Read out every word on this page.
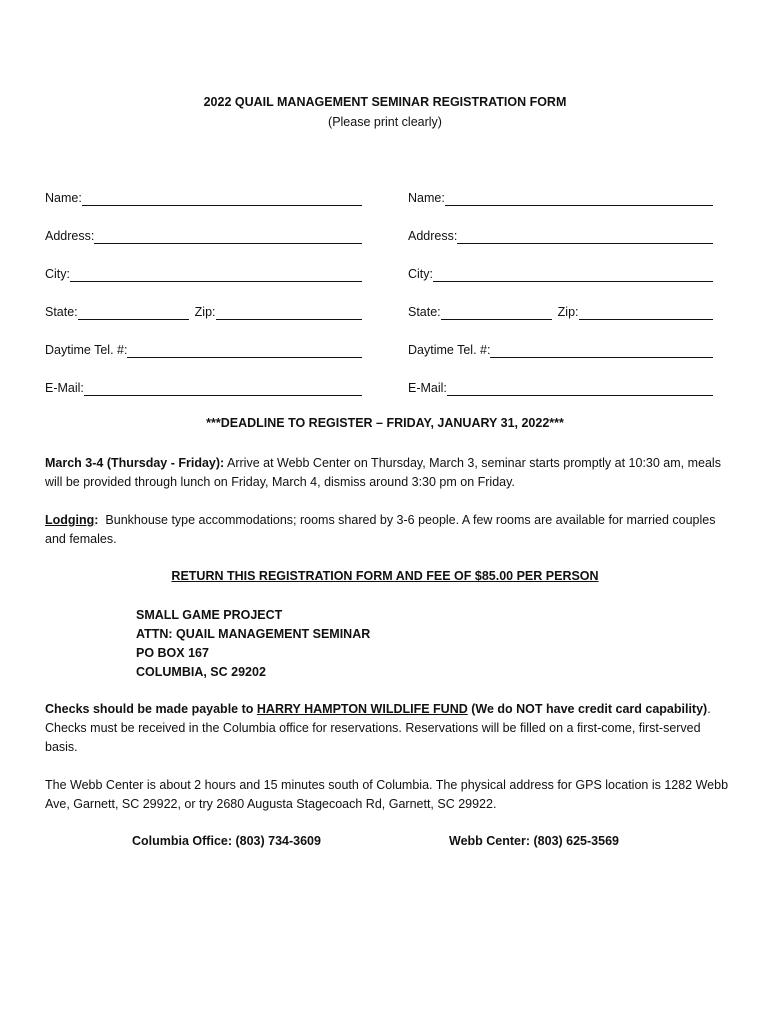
2022 QUAIL MANAGEMENT SEMINAR REGISTRATION FORM
(Please print clearly)
Name:
Address:
City:
State:	Zip:
Daytime Tel. #:
E-Mail:
Name:
Address:
City:
State:	Zip:
Daytime Tel. #:
E-Mail:
***DEADLINE TO REGISTER – FRIDAY, JANUARY 31, 2022***
March 3-4 (Thursday - Friday): Arrive at Webb Center on Thursday, March 3, seminar starts promptly at 10:30 am, meals will be provided through lunch on Friday, March 4, dismiss around 3:30 pm on Friday.
Lodging: Bunkhouse type accommodations; rooms shared by 3-6 people. A few rooms are available for married couples and females.
RETURN THIS REGISTRATION FORM AND FEE OF $85.00 PER PERSON
SMALL GAME PROJECT
ATTN: QUAIL MANAGEMENT SEMINAR
PO BOX 167
COLUMBIA, SC 29202
Checks should be made payable to HARRY HAMPTON WILDLIFE FUND (We do NOT have credit card capability). Checks must be received in the Columbia office for reservations. Reservations will be filled on a first-come, first-served basis.
The Webb Center is about 2 hours and 15 minutes south of Columbia. The physical address for GPS location is 1282 Webb Ave, Garnett, SC 29922, or try 2680 Augusta Stagecoach Rd, Garnett, SC 29922.
Columbia Office: (803) 734-3609	Webb Center: (803) 625-3569
